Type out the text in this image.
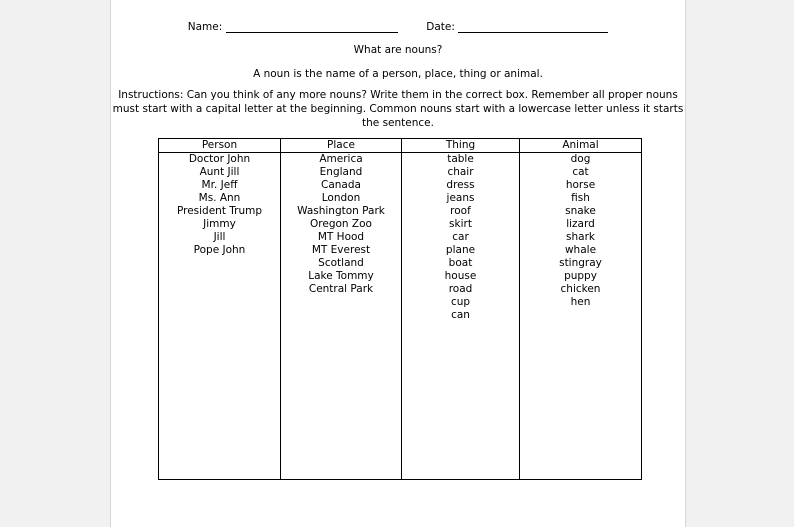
Name:	Date:
What are nouns?
A noun is the name of a person, place, thing or animal.
Instructions: Can you think of any more nouns? Write them in the correct box. Remember all proper nouns must start with a capital letter at the beginning. Common nouns start with a lowercase letter unless it starts the sentence.
Person
Doctor John
Aunt Jill
Mr. Jeff
Ms. Ann
President Trump
Jimmy
Jill
Pope John
Place
America
England
Canada
London
Washington Park
Oregon Zoo
MT Hood
MT Everest
Scotland
Lake Tommy
Central Park
Thing
table
chair
dress
jeans
roof
skirt
car
plane
boat
house
road
cup
can
Animal
dog
cat
horse
fish
snake
lizard
shark
whale
stingray
puppy
chicken
hen
